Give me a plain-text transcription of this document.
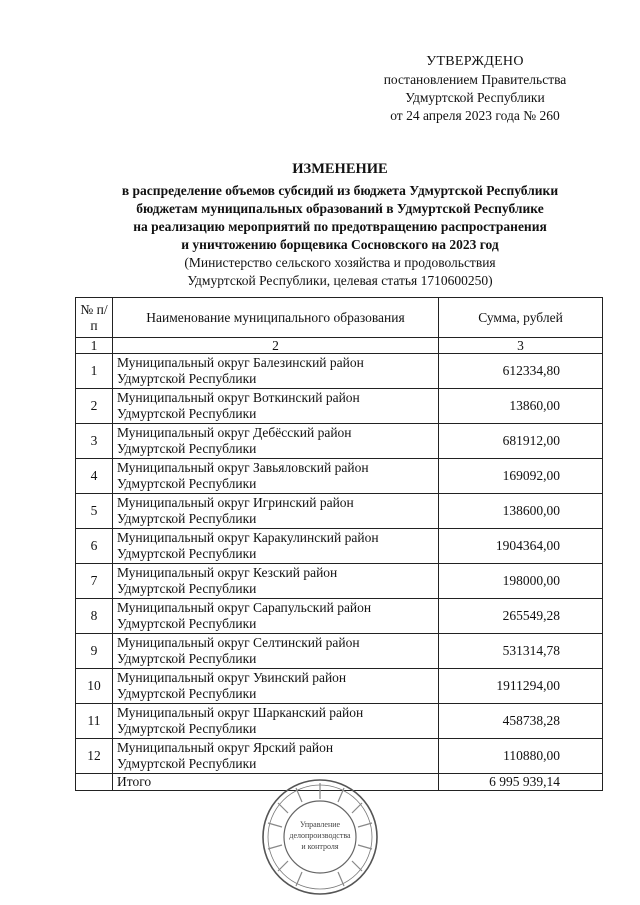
УТВЕРЖДЕНО
постановлением Правительства
Удмуртской Республики
от 24 апреля 2023 года № 260
ИЗМЕНЕНИЕ
в распределение объемов субсидий из бюджета Удмуртской Республики
бюджетам муниципальных образований в Удмуртской Республике
на реализацию мероприятий по предотвращению распространения
и уничтожению борщевика Сосновского на 2023 год
(Министерство сельского хозяйства и продовольствия
Удмуртской Республики, целевая статья 1710600250)
№ п/п	Наименование муниципального образования	Сумма, рублей
1	2	3
1	Муниципальный округ Балезинский район
Удмуртской Республики	612334,80
2	Муниципальный округ Воткинский район
Удмуртской Республики	13860,00
3	Муниципальный округ Дебёсский район
Удмуртской Республики	681912,00
4	Муниципальный округ Завьяловский район
Удмуртской Республики	169092,00
5	Муниципальный округ Игринский район
Удмуртской Республики	138600,00
6	Муниципальный округ Каракулинский район
Удмуртской Республики	1904364,00
7	Муниципальный округ Кезский район
Удмуртской Республики	198000,00
8	Муниципальный округ Сарапульский район
Удмуртской Республики	265549,28
9	Муниципальный округ Селтинский район
Удмуртской Республики	531314,78
10	Муниципальный округ Увинский район
Удмуртской Республики	1911294,00
11	Муниципальный округ Шарканский район
Удмуртской Республики	458738,28
12	Муниципальный округ Ярский район
Удмуртской Республики	110880,00
	Итого	6 995 939,14
Управление
делопроизводства
и контроля
